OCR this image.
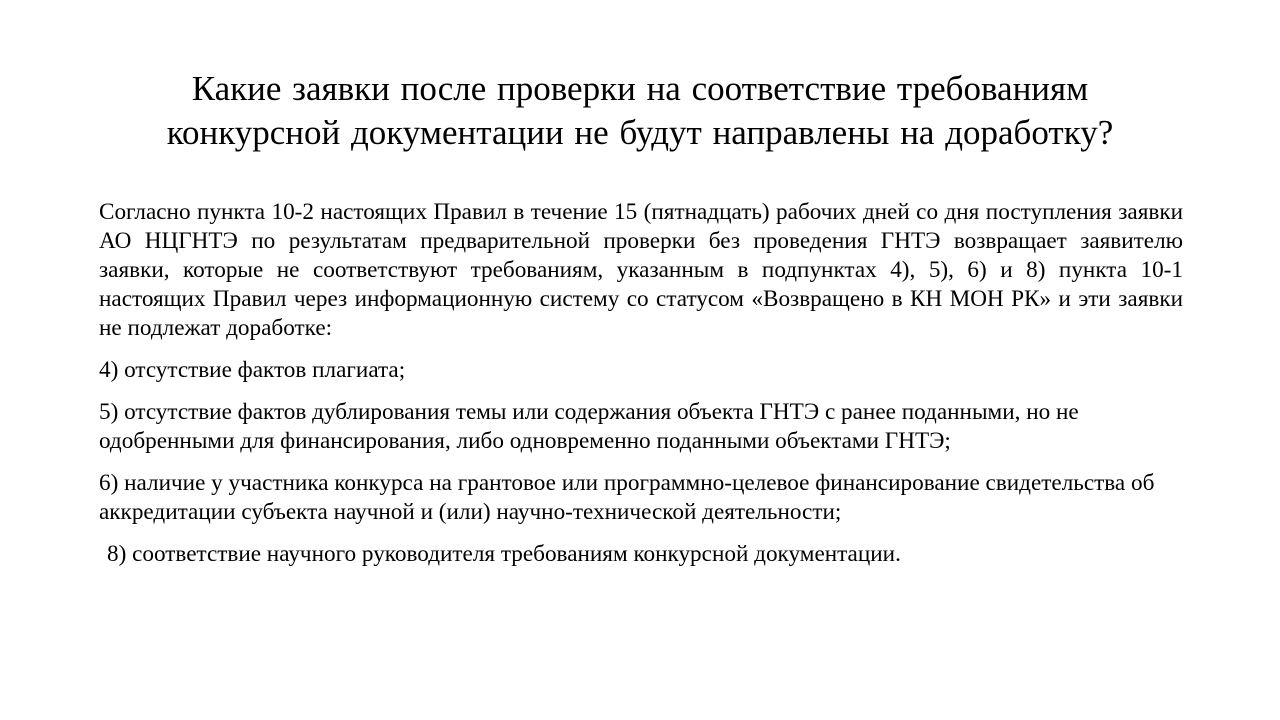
Какие заявки после проверки на соответствие требованиям конкурсной документации не будут направлены на доработку?

Согласно пункта 10-2 настоящих Правил в течение 15 (пятнадцать) рабочих дней со дня поступления заявки АО НЦГНТЭ по результатам предварительной проверки без проведения ГНТЭ возвращает заявителю заявки, которые не соответствуют требованиям, указанным в подпунктах 4), 5), 6) и 8) пункта 10-1 настоящих Правил через информационную систему со статусом «Возвращено в КН МОН РК» и эти заявки не подлежат доработке:

4) отсутствие фактов плагиата;

5) отсутствие фактов дублирования темы или содержания объекта ГНТЭ с ранее поданными, но не одобренными для финансирования, либо одновременно поданными объектами ГНТЭ;

6) наличие у участника конкурса на грантовое или программно-целевое финансирование свидетельства об аккредитации субъекта научной и (или) научно-технической деятельности;

8) соответствие научного руководителя требованиям конкурсной документации.
